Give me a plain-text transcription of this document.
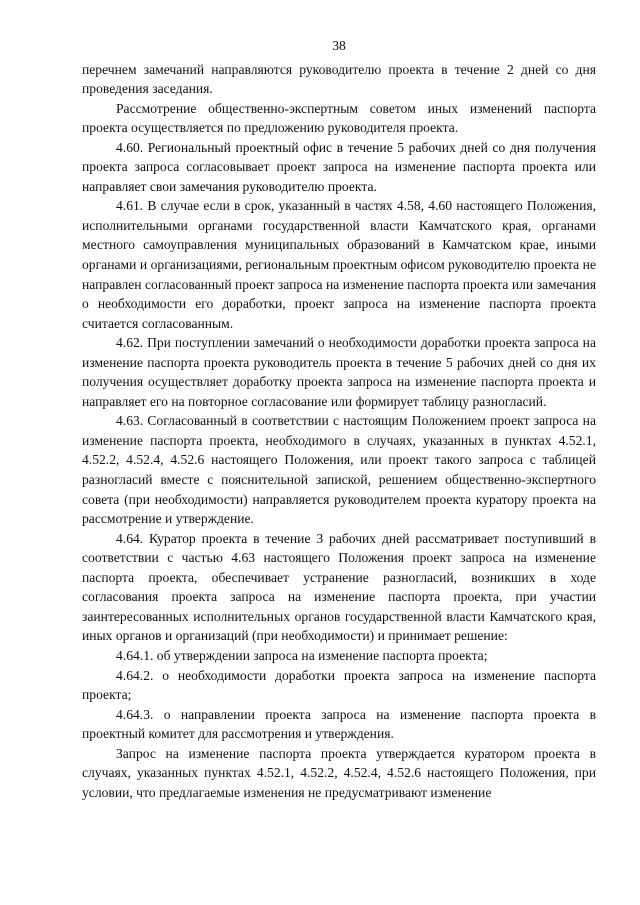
38

перечнем замечаний направляются руководителю проекта в течение 2 дней со дня проведения заседания.

Рассмотрение общественно-экспертным советом иных изменений паспорта проекта осуществляется по предложению руководителя проекта.

4.60. Региональный проектный офис в течение 5 рабочих дней со дня получения проекта запроса согласовывает проект запроса на изменение паспорта проекта или направляет свои замечания руководителю проекта.

4.61. В случае если в срок, указанный в частях 4.58, 4.60 настоящего Положения, исполнительными органами государственной власти Камчатского края, органами местного самоуправления муниципальных образований в Камчатском крае, иными органами и организациями, региональным проектным офисом руководителю проекта не направлен согласованный проект запроса на изменение паспорта проекта или замечания о необходимости его доработки, проект запроса на изменение паспорта проекта считается согласованным.

4.62. При поступлении замечаний о необходимости доработки проекта запроса на изменение паспорта проекта руководитель проекта в течение 5 рабочих дней со дня их получения осуществляет доработку проекта запроса на изменение паспорта проекта и направляет его на повторное согласование или формирует таблицу разногласий.

4.63. Согласованный в соответствии с настоящим Положением проект запроса на изменение паспорта проекта, необходимого в случаях, указанных в пунктах 4.52.1, 4.52.2, 4.52.4, 4.52.6 настоящего Положения, или проект такого запроса с таблицей разногласий вместе с пояснительной запиской, решением общественно-экспертного совета (при необходимости) направляется руководителем проекта куратору проекта на рассмотрение и утверждение.

4.64. Куратор проекта в течение 3 рабочих дней рассматривает поступивший в соответствии с частью 4.63 настоящего Положения проект запроса на изменение паспорта проекта, обеспечивает устранение разногласий, возникших в ходе согласования проекта запроса на изменение паспорта проекта, при участии заинтересованных исполнительных органов государственной власти Камчатского края, иных органов и организаций (при необходимости) и принимает решение:

4.64.1. об утверждении запроса на изменение паспорта проекта;

4.64.2. о необходимости доработки проекта запроса на изменение паспорта проекта;

4.64.3. о направлении проекта запроса на изменение паспорта проекта в проектный комитет для рассмотрения и утверждения.

Запрос на изменение паспорта проекта утверждается куратором проекта в случаях, указанных пунктах 4.52.1, 4.52.2, 4.52.4, 4.52.6 настоящего Положения, при условии, что предлагаемые изменения не предусматривают изменение
